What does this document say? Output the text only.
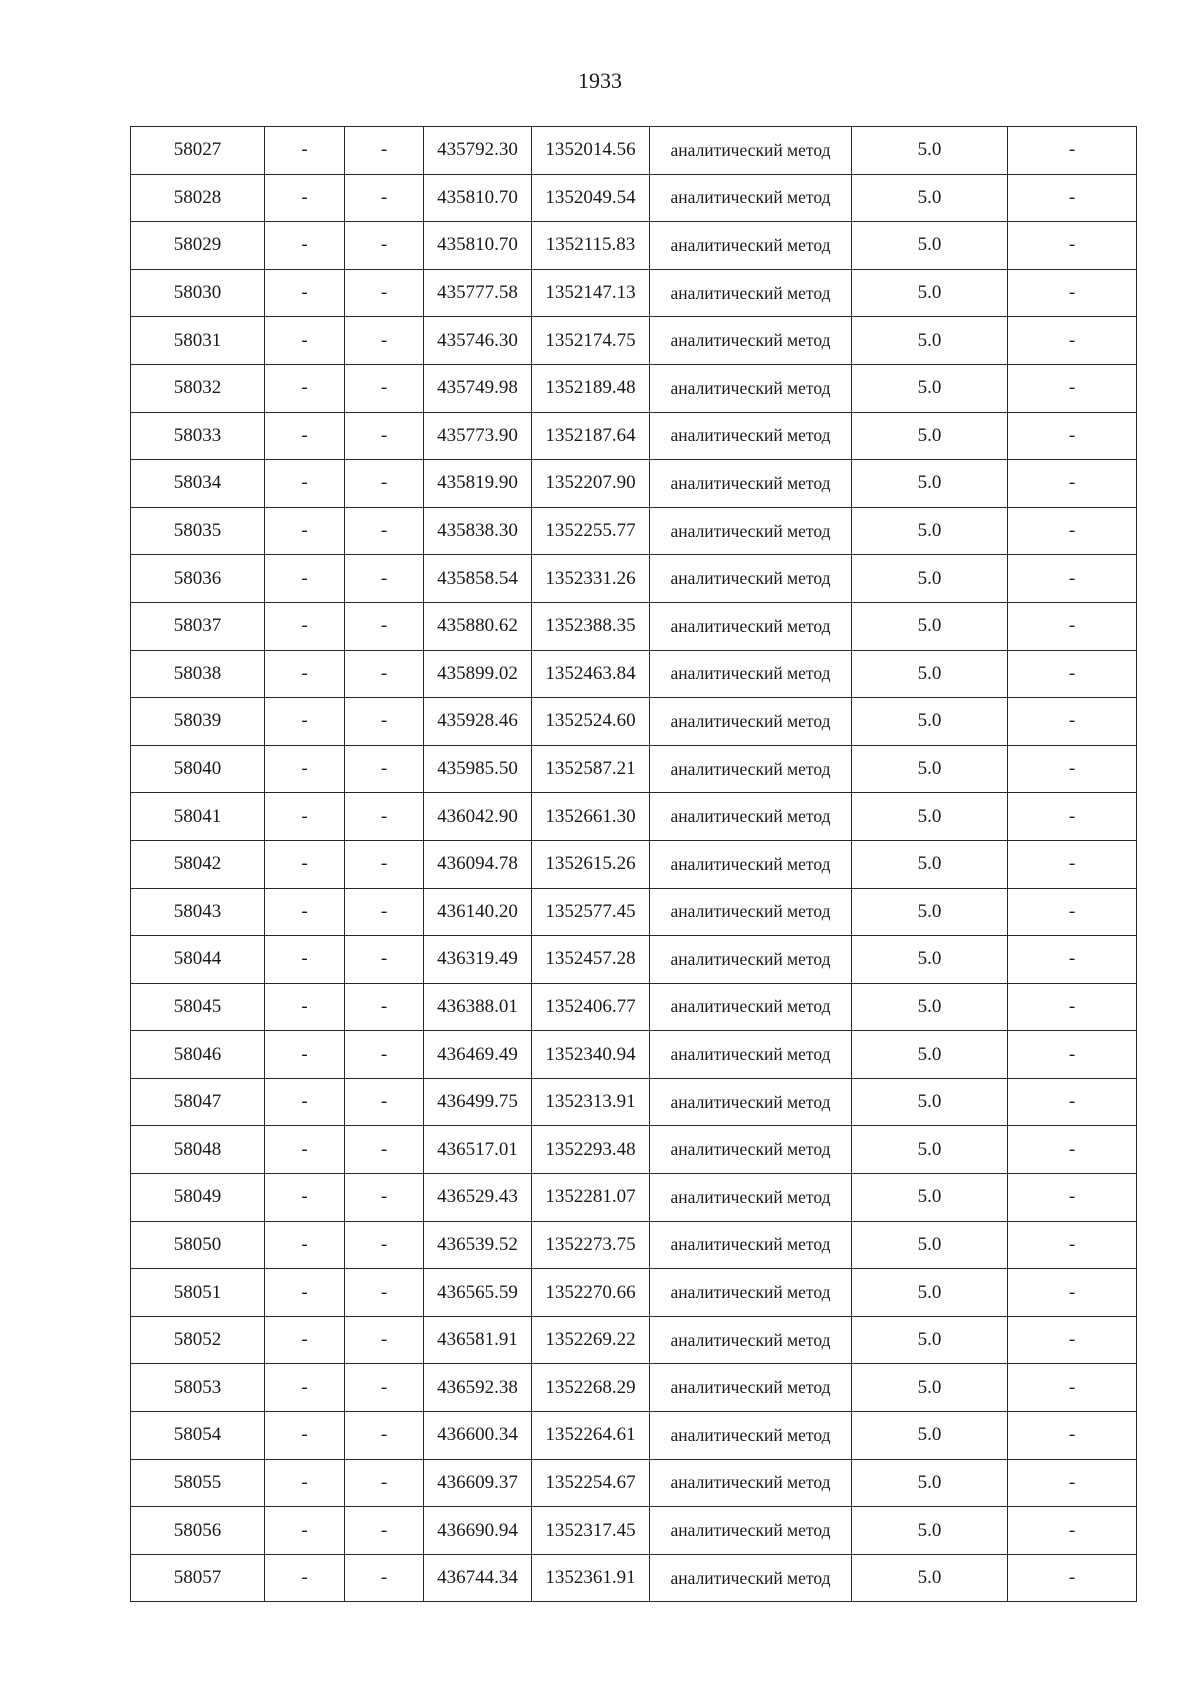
1933
58027	-	-	435792.30	1352014.56	аналитический метод	5.0	-
58028	-	-	435810.70	1352049.54	аналитический метод	5.0	-
58029	-	-	435810.70	1352115.83	аналитический метод	5.0	-
58030	-	-	435777.58	1352147.13	аналитический метод	5.0	-
58031	-	-	435746.30	1352174.75	аналитический метод	5.0	-
58032	-	-	435749.98	1352189.48	аналитический метод	5.0	-
58033	-	-	435773.90	1352187.64	аналитический метод	5.0	-
58034	-	-	435819.90	1352207.90	аналитический метод	5.0	-
58035	-	-	435838.30	1352255.77	аналитический метод	5.0	-
58036	-	-	435858.54	1352331.26	аналитический метод	5.0	-
58037	-	-	435880.62	1352388.35	аналитический метод	5.0	-
58038	-	-	435899.02	1352463.84	аналитический метод	5.0	-
58039	-	-	435928.46	1352524.60	аналитический метод	5.0	-
58040	-	-	435985.50	1352587.21	аналитический метод	5.0	-
58041	-	-	436042.90	1352661.30	аналитический метод	5.0	-
58042	-	-	436094.78	1352615.26	аналитический метод	5.0	-
58043	-	-	436140.20	1352577.45	аналитический метод	5.0	-
58044	-	-	436319.49	1352457.28	аналитический метод	5.0	-
58045	-	-	436388.01	1352406.77	аналитический метод	5.0	-
58046	-	-	436469.49	1352340.94	аналитический метод	5.0	-
58047	-	-	436499.75	1352313.91	аналитический метод	5.0	-
58048	-	-	436517.01	1352293.48	аналитический метод	5.0	-
58049	-	-	436529.43	1352281.07	аналитический метод	5.0	-
58050	-	-	436539.52	1352273.75	аналитический метод	5.0	-
58051	-	-	436565.59	1352270.66	аналитический метод	5.0	-
58052	-	-	436581.91	1352269.22	аналитический метод	5.0	-
58053	-	-	436592.38	1352268.29	аналитический метод	5.0	-
58054	-	-	436600.34	1352264.61	аналитический метод	5.0	-
58055	-	-	436609.37	1352254.67	аналитический метод	5.0	-
58056	-	-	436690.94	1352317.45	аналитический метод	5.0	-
58057	-	-	436744.34	1352361.91	аналитический метод	5.0	-
